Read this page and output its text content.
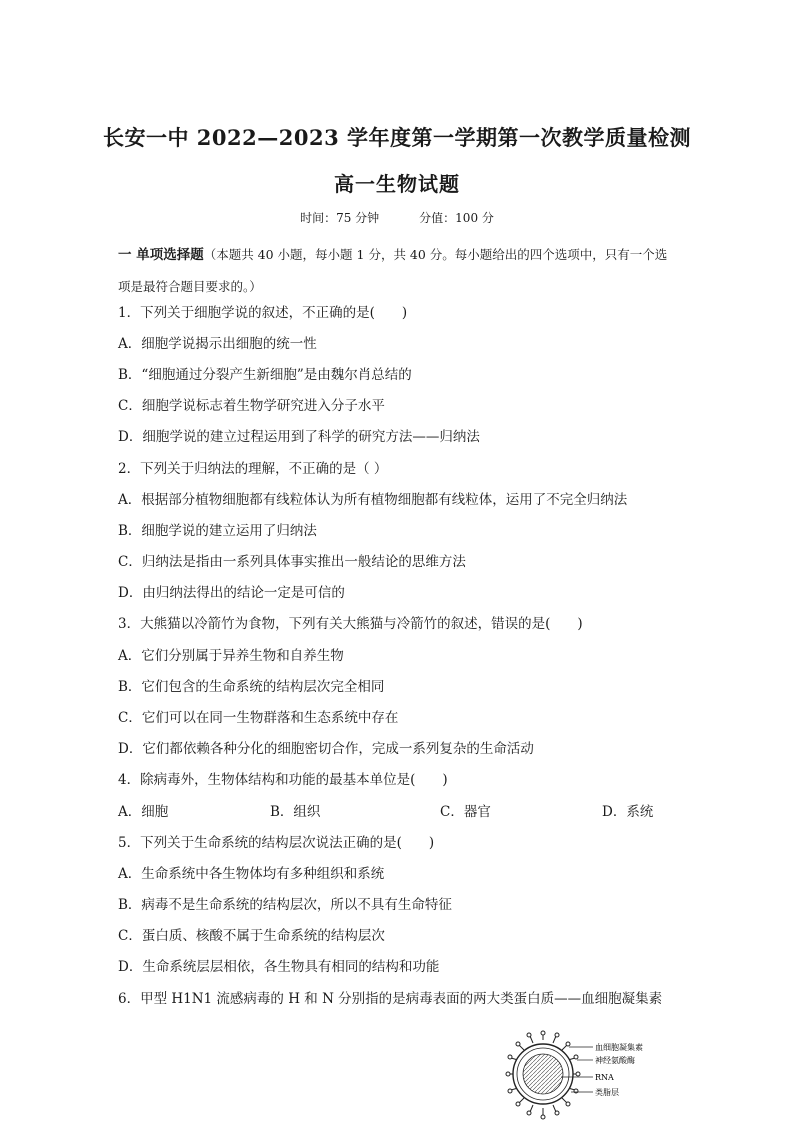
长安一中 2022—2023 学年度第一学期第一次教学质量检测
高一生物试题
时间：75 分钟	分值：100 分
一 单项选择题（本题共 40 小题，每小题 1 分，共 40 分。每小题给出的四个选项中，只有一个选项是最符合题目要求的。）
1．下列关于细胞学说的叙述，不正确的是(　　)
A．细胞学说揭示出细胞的统一性
B．“细胞通过分裂产生新细胞”是由魏尔肖总结的
C．细胞学说标志着生物学研究进入分子水平
D．细胞学说的建立过程运用到了科学的研究方法——归纳法
2．下列关于归纳法的理解，不正确的是（ ）
A．根据部分植物细胞都有线粒体认为所有植物细胞都有线粒体，运用了不完全归纳法
B．细胞学说的建立运用了归纳法
C．归纳法是指由一系列具体事实推出一般结论的思维方法
D．由归纳法得出的结论一定是可信的
3．大熊猫以冷箭竹为食物，下列有关大熊猫与冷箭竹的叙述，错误的是(　　)
A．它们分别属于异养生物和自养生物
B．它们包含的生命系统的结构层次完全相同
C．它们可以在同一生物群落和生态系统中存在
D．它们都依赖各种分化的细胞密切合作，完成一系列复杂的生命活动
4．除病毒外，生物体结构和功能的最基本单位是(　　)
A．细胞	B．组织	C．器官	D．系统
5．下列关于生命系统的结构层次说法正确的是(　　)
A．生命系统中各生物体均有多种组织和系统
B．病毒不是生命系统的结构层次，所以不具有生命特征
C．蛋白质、核酸不属于生命系统的结构层次
D．生命系统层层相依，各生物具有相同的结构和功能
6．甲型 H1N1 流感病毒的 H 和 N 分别指的是病毒表面的两大类蛋白质——血细胞凝集素
血细胞凝集素
神经氨酸酶
RNA
类脂层
